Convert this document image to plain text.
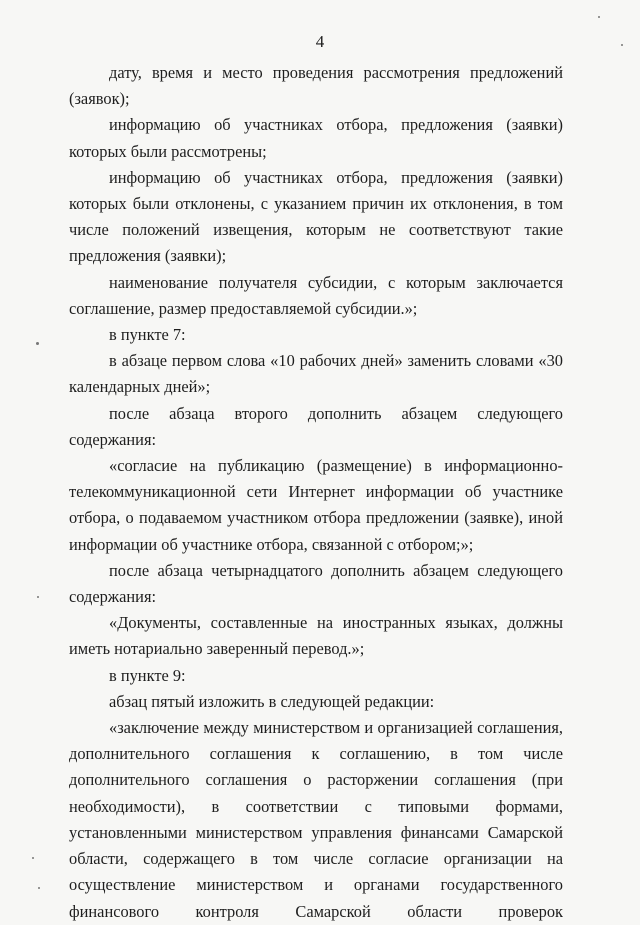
4

дату, время и место проведения рассмотрения предложений (заявок);

информацию об участниках отбора, предложения (заявки) которых были рассмотрены;

информацию об участниках отбора, предложения (заявки) которых были отклонены, с указанием причин их отклонения, в том числе положений извещения, которым не соответствуют такие предложения (заявки);

наименование получателя субсидии, с которым заключается соглашение, размер предоставляемой субсидии.»;

в пункте 7:

в абзаце первом слова «10 рабочих дней» заменить словами «30 календарных дней»;

после абзаца второго дополнить абзацем следующего содержания:

«согласие на публикацию (размещение) в информационно-телекоммуникационной сети Интернет информации об участнике отбора, о подаваемом участником отбора предложении (заявке), иной информации об участнике отбора, связанной с отбором;»;

после абзаца четырнадцатого дополнить абзацем следующего содержания:

«Документы, составленные на иностранных языках, должны иметь нотариально заверенный перевод.»;

в пункте 9:

абзац пятый изложить в следующей редакции:

«заключение между министерством и организацией соглашения, дополнительного соглашения к соглашению, в том числе дополнительного соглашения о расторжении соглашения (при необходимости), в соответствии с типовыми формами, установленными министерством управления финансами Самарской области, содержащего в том числе согласие организации на осуществление министерством и органами государственного финансового контроля Самарской области проверок
